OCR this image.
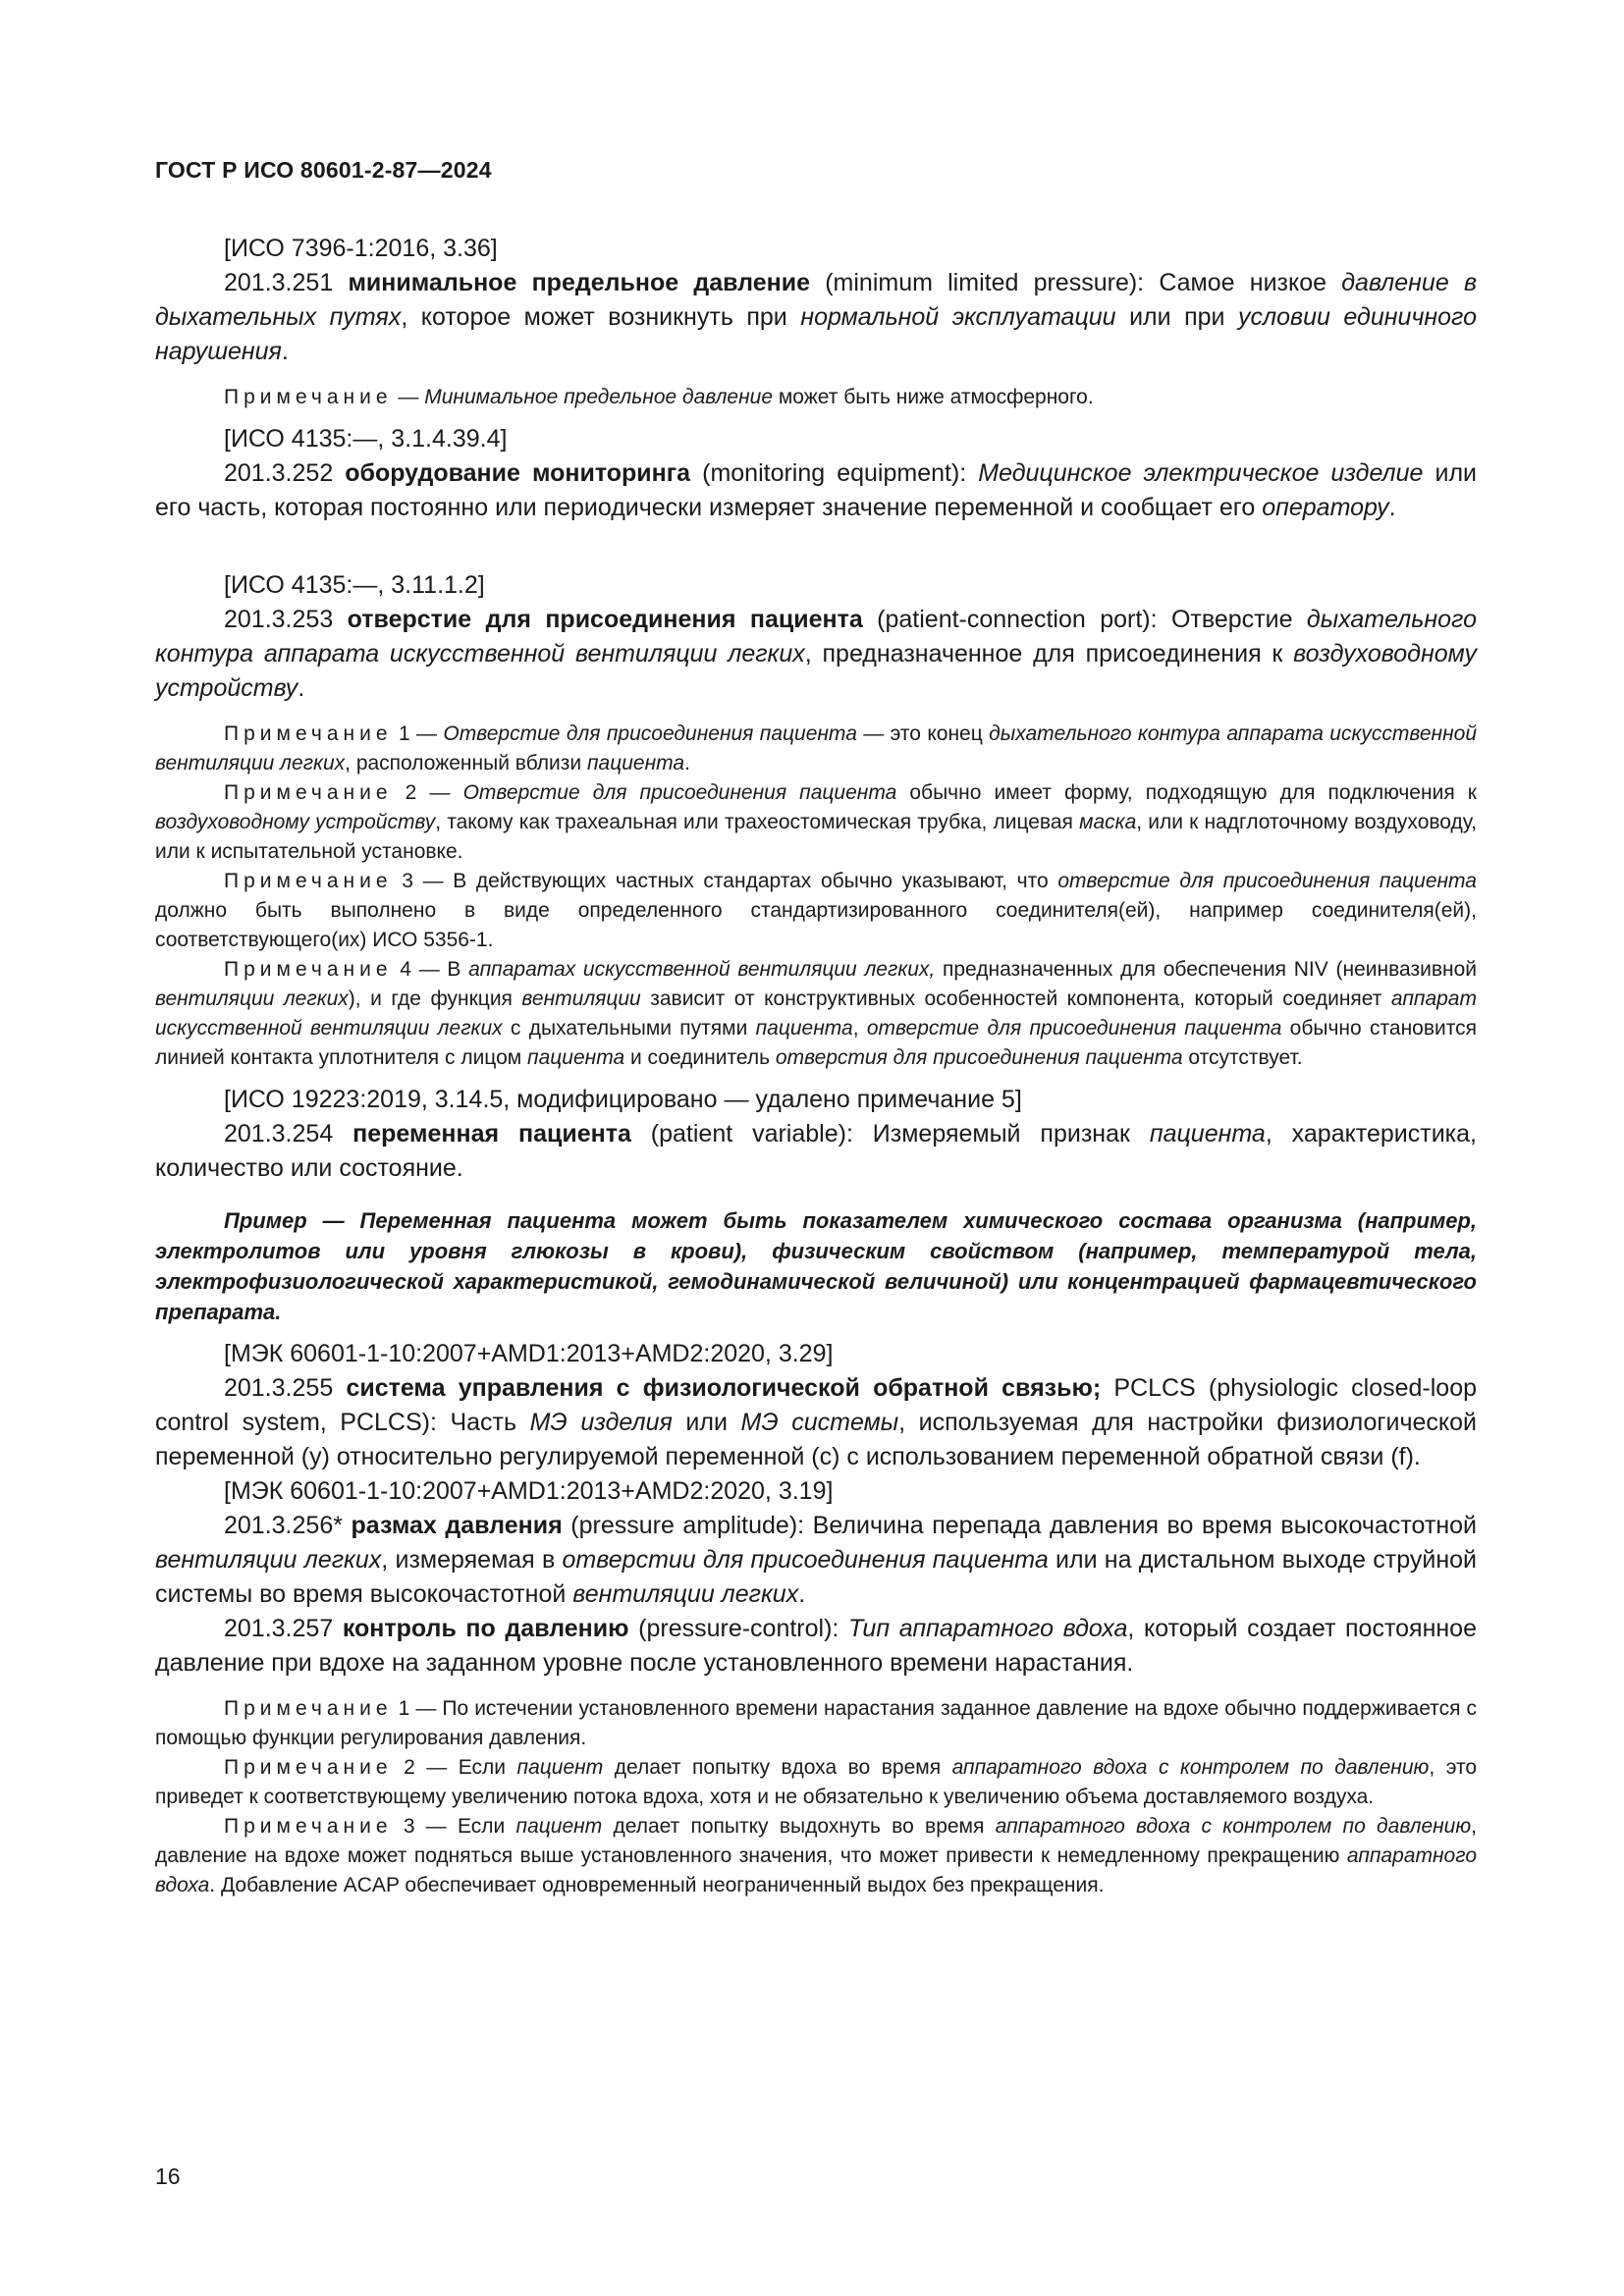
ГОСТ Р ИСО 80601-2-87—2024

[ИСО 7396-1:2016, 3.36]

201.3.251 минимальное предельное давление (minimum limited pressure): Самое низкое давление в дыхательных путях, которое может возникнуть при нормальной эксплуатации или при условии единичного нарушения.

Примечание — Минимальное предельное давление может быть ниже атмосферного.

[ИСО 4135:—, 3.1.4.39.4]

201.3.252 оборудование мониторинга (monitoring equipment): Медицинское электрическое изделие или его часть, которая постоянно или периодически измеряет значение переменной и сообщает его оператору.

[ИСО 4135:—, 3.11.1.2]

201.3.253 отверстие для присоединения пациента (patient-connection port): Отверстие дыхательного контура аппарата искусственной вентиляции легких, предназначенное для присоединения к воздуховодному устройству.

Примечание 1 — Отверстие для присоединения пациента — это конец дыхательного контура аппарата искусственной вентиляции легких, расположенный вблизи пациента.

Примечание 2 — Отверстие для присоединения пациента обычно имеет форму, подходящую для подключения к воздуховодному устройству, такому как трахеальная или трахеостомическая трубка, лицевая маска, или к надглоточному воздуховоду, или к испытательной установке.

Примечание 3 — В действующих частных стандартах обычно указывают, что отверстие для присоединения пациента должно быть выполнено в виде определенного стандартизированного соединителя(ей), например соединителя(ей), соответствующего(их) ИСО 5356-1.

Примечание 4 — В аппаратах искусственной вентиляции легких, предназначенных для обеспечения NIV (неинвазивной вентиляции легких), и где функция вентиляции зависит от конструктивных особенностей компонента, который соединяет аппарат искусственной вентиляции легких с дыхательными путями пациента, отверстие для присоединения пациента обычно становится линией контакта уплотнителя с лицом пациента и соединитель отверстия для присоединения пациента отсутствует.

[ИСО 19223:2019, 3.14.5, модифицировано — удалено примечание 5]

201.3.254 переменная пациента (patient variable): Измеряемый признак пациента, характеристика, количество или состояние.

Пример — Переменная пациента может быть показателем химического состава организма (например, электролитов или уровня глюкозы в крови), физическим свойством (например, температурой тела, электрофизиологической характеристикой, гемодинамической величиной) или концентрацией фармацевтического препарата.

[МЭК 60601-1-10:2007+AMD1:2013+AMD2:2020, 3.29]

201.3.255 система управления с физиологической обратной связью; PCLCS (physiologic closed-loop control system, PCLCS): Часть МЭ изделия или МЭ системы, используемая для настройки физиологической переменной (y) относительно регулируемой переменной (с) с использованием переменной обратной связи (f).

[МЭК 60601-1-10:2007+AMD1:2013+AMD2:2020, 3.19]

201.3.256* размах давления (pressure amplitude): Величина перепада давления во время высокочастотной вентиляции легких, измеряемая в отверстии для присоединения пациента или на дистальном выходе струйной системы во время высокочастотной вентиляции легких.

201.3.257 контроль по давлению (pressure-control): Тип аппаратного вдоха, который создает постоянное давление при вдохе на заданном уровне после установленного времени нарастания.

Примечание 1 — По истечении установленного времени нарастания заданное давление на вдохе обычно поддерживается с помощью функции регулирования давления.

Примечание 2 — Если пациент делает попытку вдоха во время аппаратного вдоха с контролем по давлению, это приведет к соответствующему увеличению потока вдоха, хотя и не обязательно к увеличению объема доставляемого воздуха.

Примечание 3 — Если пациент делает попытку выдохнуть во время аппаратного вдоха с контролем по давлению, давление на вдохе может подняться выше установленного значения, что может привести к немедленному прекращению аппаратного вдоха. Добавление ACAP обеспечивает одновременный неограниченный выдох без прекращения.

16
